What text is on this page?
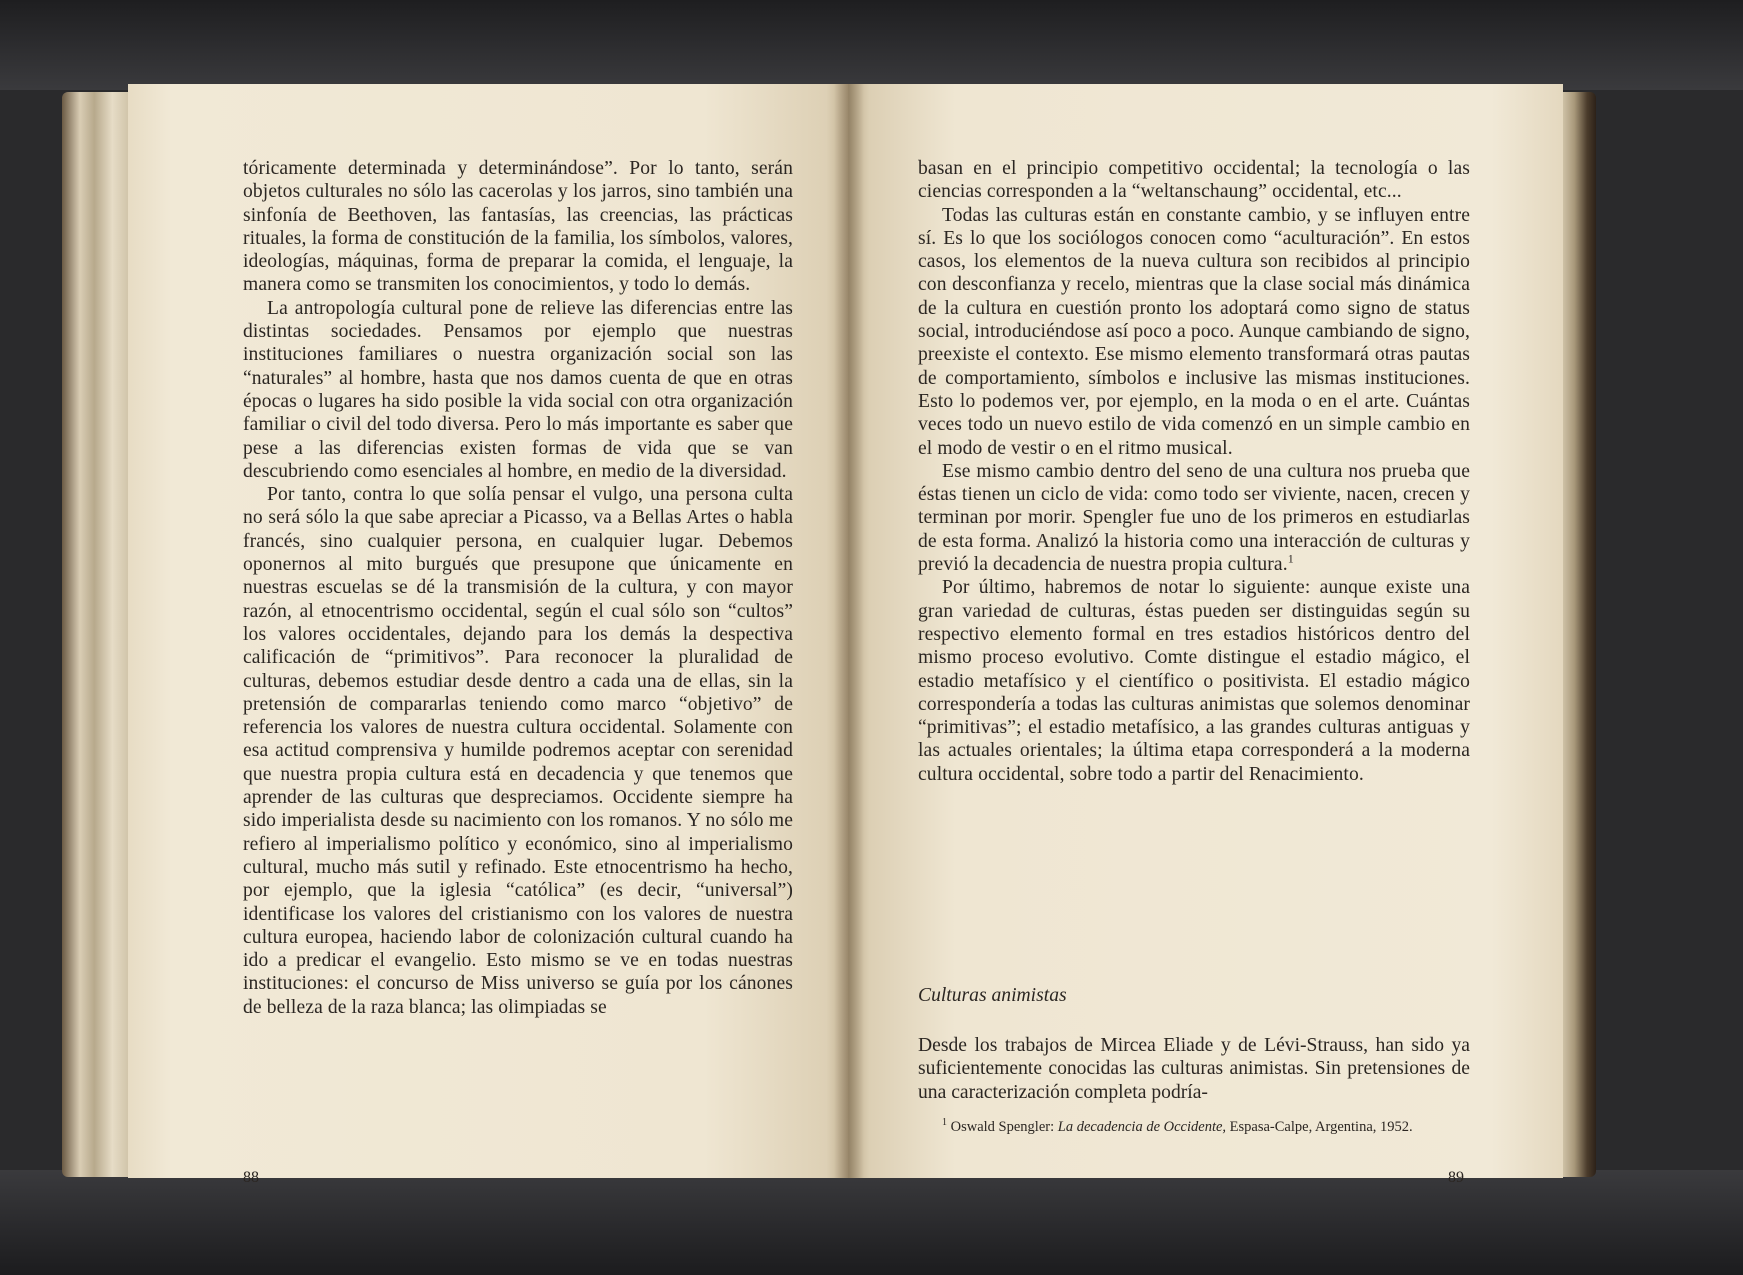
tóricamente determinada y determinándose”. Por lo tanto, serán objetos culturales no sólo las cacerolas y los jarros, sino también una sinfonía de Beethoven, las fantasías, las creencias, las prácticas rituales, la forma de constitución de la familia, los símbolos, valores, ideologías, máquinas, forma de preparar la comida, el lenguaje, la manera como se transmiten los conocimientos, y todo lo demás.

La antropología cultural pone de relieve las diferencias entre las distintas sociedades. Pensamos por ejemplo que nuestras instituciones familiares o nuestra organización social son las “naturales” al hombre, hasta que nos damos cuenta de que en otras épocas o lugares ha sido posible la vida social con otra organización familiar o civil del todo diversa. Pero lo más importante es saber que pese a las diferencias existen formas de vida que se van descubriendo como esenciales al hombre, en medio de la diversidad.

Por tanto, contra lo que solía pensar el vulgo, una persona culta no será sólo la que sabe apreciar a Picasso, va a Bellas Artes o habla francés, sino cualquier persona, en cualquier lugar. Debemos oponernos al mito burgués que presupone que únicamente en nuestras escuelas se dé la transmisión de la cultura, y con mayor razón, al etnocentrismo occidental, según el cual sólo son “cultos” los valores occidentales, dejando para los demás la despectiva calificación de “primitivos”. Para reconocer la pluralidad de culturas, debemos estudiar desde dentro a cada una de ellas, sin la pretensión de compararlas teniendo como marco “objetivo” de referencia los valores de nuestra cultura occidental. Solamente con esa actitud comprensiva y humilde podremos aceptar con serenidad que nuestra propia cultura está en decadencia y que tenemos que aprender de las culturas que despreciamos. Occidente siempre ha sido imperialista desde su nacimiento con los romanos. Y no sólo me refiero al imperialismo político y económico, sino al imperialismo cultural, mucho más sutil y refinado. Este etnocentrismo ha hecho, por ejemplo, que la iglesia “católica” (es decir, “universal”) identificase los valores del cristianismo con los valores de nuestra cultura europea, haciendo labor de colonización cultural cuando ha ido a predicar el evangelio. Esto mismo se ve en todas nuestras instituciones: el concurso de Miss universo se guía por los cánones de belleza de la raza blanca; las olimpiadas se

88

basan en el principio competitivo occidental; la tecnología o las ciencias corresponden a la “weltanschaung” occidental, etc...

Todas las culturas están en constante cambio, y se influyen entre sí. Es lo que los sociólogos conocen como “aculturación”. En estos casos, los elementos de la nueva cultura son recibidos al principio con desconfianza y recelo, mientras que la clase social más dinámica de la cultura en cuestión pronto los adoptará como signo de status social, introduciéndose así poco a poco. Aunque cambiando de signo, preexiste el contexto. Ese mismo elemento transformará otras pautas de comportamiento, símbolos e inclusive las mismas instituciones. Esto lo podemos ver, por ejemplo, en la moda o en el arte. Cuántas veces todo un nuevo estilo de vida comenzó en un simple cambio en el modo de vestir o en el ritmo musical.

Ese mismo cambio dentro del seno de una cultura nos prueba que éstas tienen un ciclo de vida: como todo ser viviente, nacen, crecen y terminan por morir. Spengler fue uno de los primeros en estudiarlas de esta forma. Analizó la historia como una interacción de culturas y previó la decadencia de nuestra propia cultura.$^1$

Por último, habremos de notar lo siguiente: aunque existe una gran variedad de culturas, éstas pueden ser distinguidas según su respectivo elemento formal en tres estadios históricos dentro del mismo proceso evolutivo. Comte distingue el estadio mágico, el estadio metafísico y el científico o positivista. El estadio mágico correspondería a todas las culturas animistas que solemos denominar “primitivas”; el estadio metafísico, a las grandes culturas antiguas y las actuales orientales; la última etapa corresponderá a la moderna cultura occidental, sobre todo a partir del Renacimiento.

Culturas animistas

Desde los trabajos de Mircea Eliade y de Lévi-Strauss, han sido ya suficientemente conocidas las culturas animistas. Sin pretensiones de una caracterización completa podría-

$^1$ Oswald Spengler: La decadencia de Occidente, Espasa-Calpe, Argentina, 1952.

89
